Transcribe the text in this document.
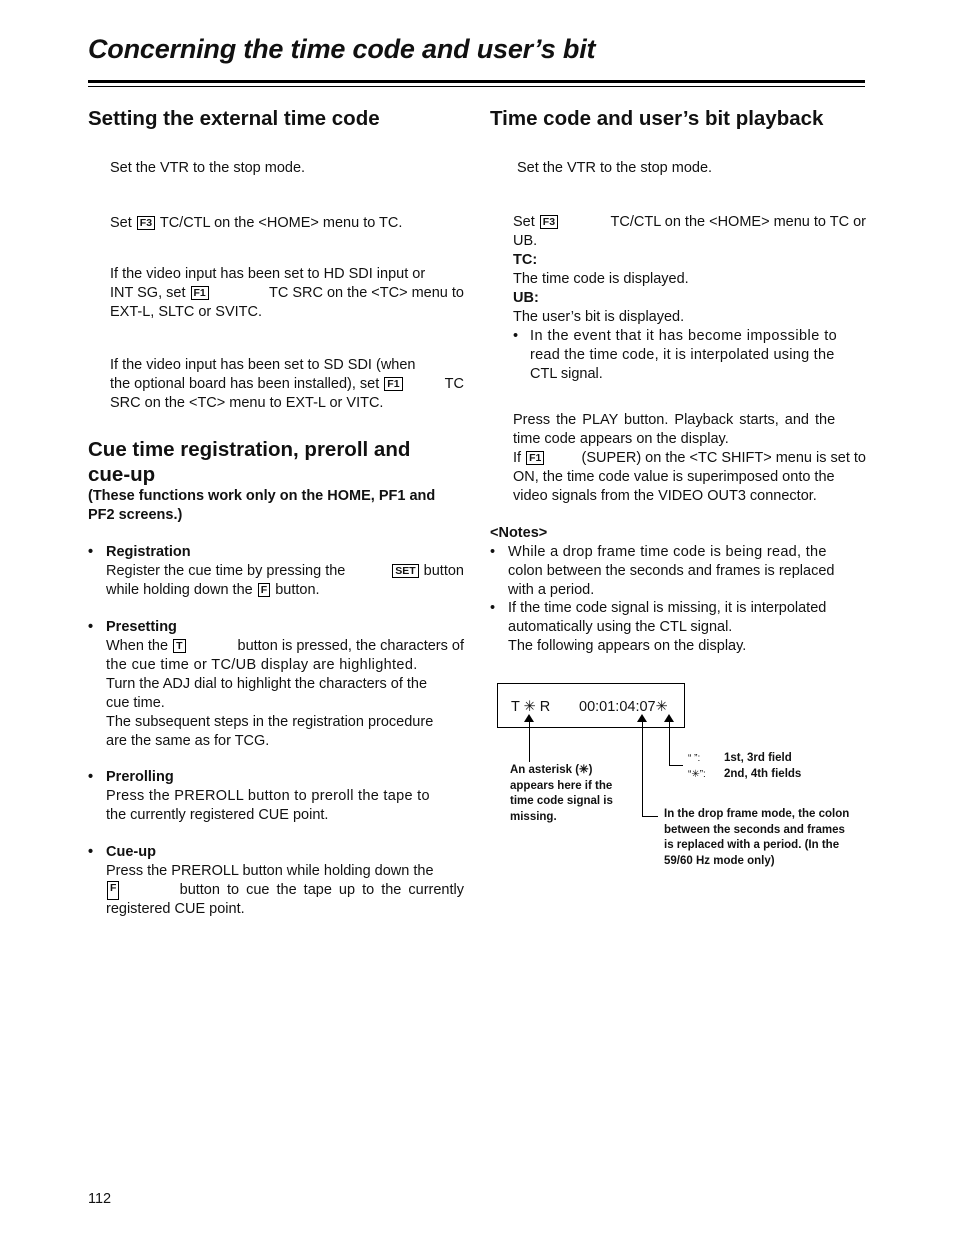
Concerning the time code and user’s bit
Setting the external time code
Set the VTR to the stop mode.
Set F3 TC/CTL on the <HOME> menu to TC.
If the video input has been set to HD SDI input or
INT SG, set F1	TC SRC on the <TC> menu to
EXT-L, SLTC or SVITC.
If the video input has been set to SD SDI (when
the optional board has been installed), set F1	TC
SRC on the <TC> menu to EXT-L or VITC.
Cue time registration, preroll and
cue-up
(These functions work only on the HOME, PF1 and
PF2 screens.)
• Registration
Register the cue time by pressing the	SET button
while holding down the F button.
• Presetting
When the T	button is pressed, the characters of
the cue time or TC/UB display are highlighted.
Turn the ADJ dial to highlight the characters of the
cue time.
The subsequent steps in the registration procedure
are the same as for TCG.
• Prerolling
Press the PREROLL button to preroll the tape to
the currently registered CUE point.
• Cue-up
Press the PREROLL button while holding down the
F	button to cue the tape up to the currently
registered CUE point.
Time code and user’s bit playback
Set the VTR to the stop mode.
Set F3	TC/CTL on the <HOME> menu to TC or
UB.
TC:
The time code is displayed.
UB:
The user’s bit is displayed.
• In the event that it has become impossible to
read the time code, it is interpolated using the
CTL signal.
Press the PLAY button. Playback starts, and the
time code appears on the display.
If F1	(SUPER) on the <TC SHIFT> menu is set to
ON, the time code value is superimposed onto the
video signals from the VIDEO OUT3 connector.
<Notes>
• While a drop frame time code is being read, the
colon between the seconds and frames is replaced
with a period.
• If the time code signal is missing, it is interpolated
automatically using the CTL signal.
The following appears on the display.
T ✳ R 00:01:04:07✳
“ ”: 1st, 3rd field
“✳”: 2nd, 4th fields
An asterisk (✳)
appears here if the
time code signal is
missing.	In the drop frame mode, the colon
between the seconds and frames
is replaced with a period. (In the
59/60 Hz mode only)
112
